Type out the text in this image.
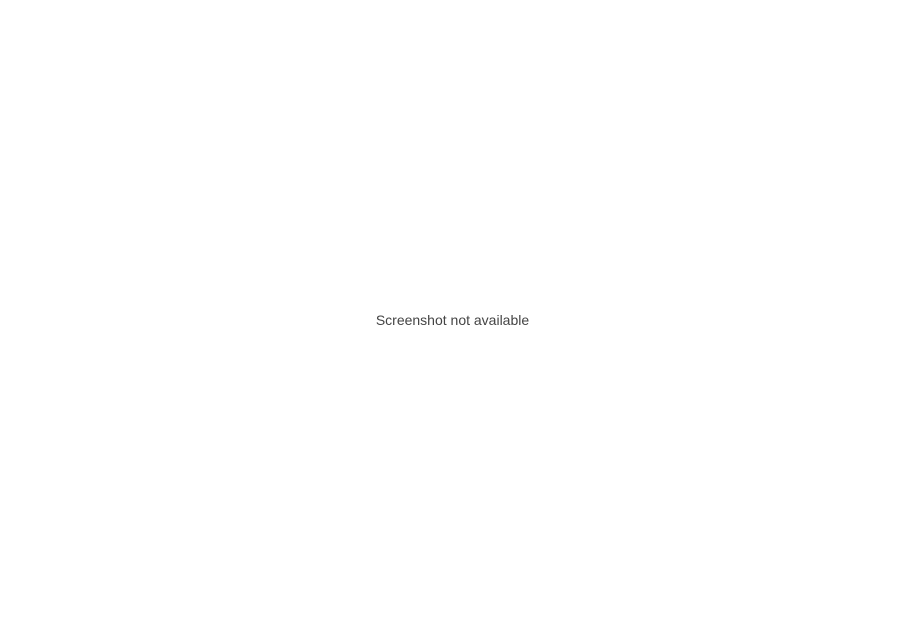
Screenshot not available
